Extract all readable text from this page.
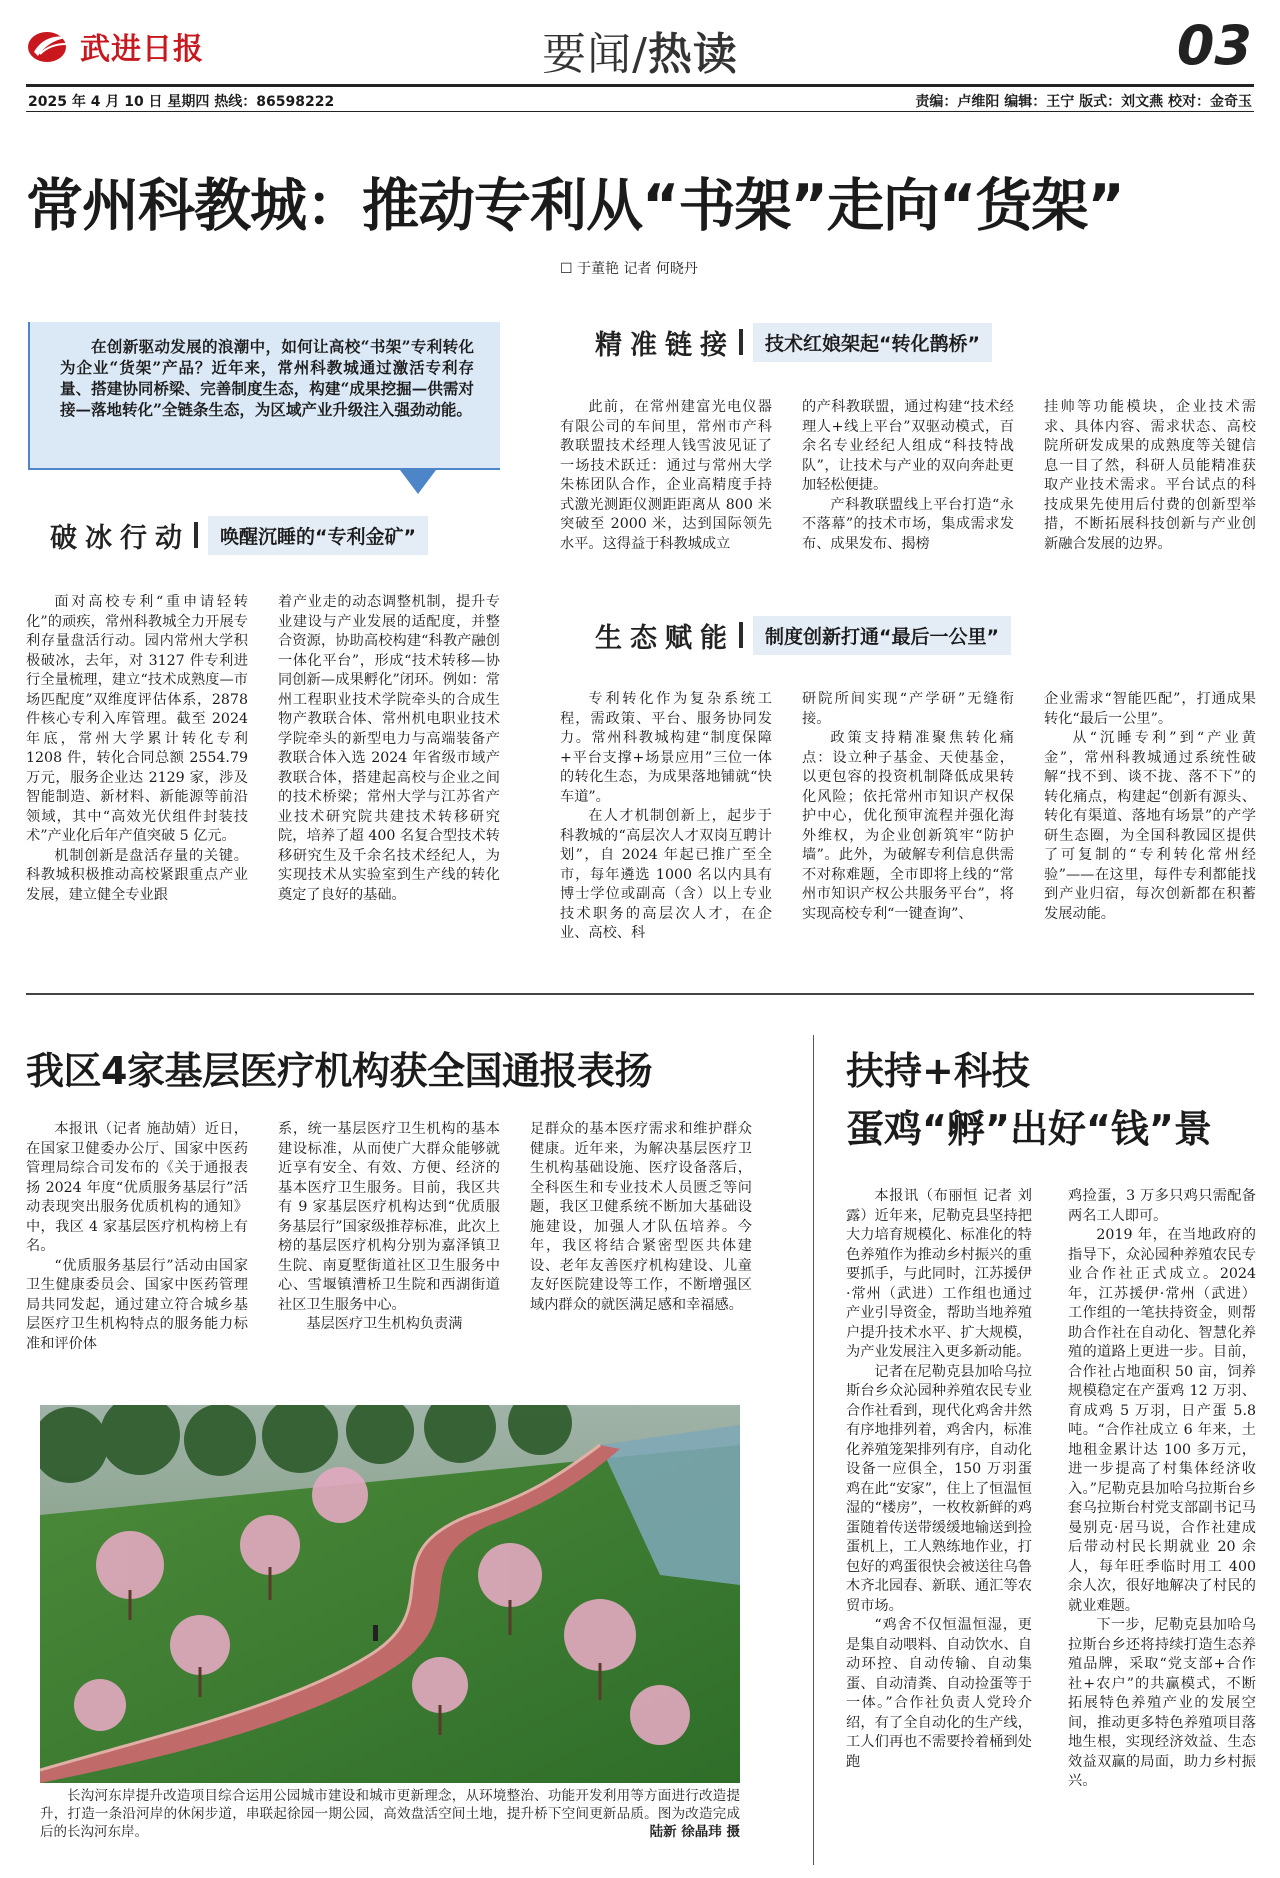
武进日报	要闻/热读	03
2025 年 4 月 10 日 星期四 热线：86598222	责编：卢维阳 编辑：王宁 版式：刘文燕 校对：金奇玉
常州科教城：推动专利从“书架”走向“货架”
☐ 于董艳 记者 何晓丹
在创新驱动发展的浪潮中，如何让高校“书架”专利转化为企业“货架”产品？近年来，常州科教城通过激活专利存量、搭建协同桥梁、完善制度生态，构建“成果挖掘—供需对接—落地转化”全链条生态，为区域产业升级注入强劲动能。
破冰行动	唤醒沉睡的“专利金矿”
精准链接	技术红娘架起“转化鹊桥”
生态赋能	制度创新打通“最后一公里”

面对高校专利“重申请轻转化”的顽疾，常州科教城全力开展专利存量盘活行动。园内常州大学积极破冰，去年，对 3127 件专利进行全量梳理，建立“技术成熟度—市场匹配度”双维度评估体系，2878 件核心专利入库管理。截至 2024 年底，常州大学累计转化专利 1208 件，转化合同总额 2554.79 万元，服务企业达 2129 家，涉及智能制造、新材料、新能源等前沿领域，其中“高效光伏组件封装技术”产业化后年产值突破 5 亿元。

机制创新是盘活存量的关键。科教城积极推动高校紧跟重点产业发展，建立健全专业跟

着产业走的动态调整机制，提升专业建设与产业发展的适配度，并整合资源，协助高校构建“科教产融创一体化平台”，形成“技术转移—协同创新—成果孵化”闭环。例如：常州工程职业技术学院牵头的合成生物产教联合体、常州机电职业技术学院牵头的新型电力与高端装备产教联合体入选 2024 年省级市域产教联合体，搭建起高校与企业之间的技术桥梁；常州大学与江苏省产业技术研究院共建技术转移研究院，培养了超 400 名复合型技术转移研究生及千余名技术经纪人，为实现技术从实验室到生产线的转化奠定了良好的基础。

此前，在常州建富光电仪器有限公司的车间里，常州市产科教联盟技术经理人钱雪波见证了一场技术跃迁：通过与常州大学朱栋团队合作，企业高精度手持式激光测距仪测距距离从 800 米突破至 2000 米，达到国际领先水平。这得益于科教城成立

的产科教联盟，通过构建“技术经理人+线上平台”双驱动模式，百余名专业经纪人组成“科技特战队”，让技术与产业的双向奔赴更加轻松便捷。

产科教联盟线上平台打造“永不落幕”的技术市场，集成需求发布、成果发布、揭榜

挂帅等功能模块，企业技术需求、具体内容、需求状态、高校院所研发成果的成熟度等关键信息一目了然，科研人员能精准获取产业技术需求。平台试点的科技成果先使用后付费的创新型举措，不断拓展科技创新与产业创新融合发展的边界。

专利转化作为复杂系统工程，需政策、平台、服务协同发力。常州科教城构建“制度保障+平台支撑+场景应用”三位一体的转化生态，为成果落地铺就“快车道”。

在人才机制创新上，起步于科教城的“高层次人才双岗互聘计划”，自 2024 年起已推广至全市，每年遴选 1000 名以内具有博士学位或副高（含）以上专业技术职务的高层次人才，在企业、高校、科

研院所间实现“产学研”无缝衔接。

政策支持精准聚焦转化痛点：设立种子基金、天使基金，以更包容的投资机制降低成果转化风险；依托常州市知识产权保护中心，优化预审流程并强化海外维权，为企业创新筑牢“防护墙”。此外，为破解专利信息供需不对称难题，全市即将上线的“常州市知识产权公共服务平台”，将实现高校专利“一键查询”、

企业需求“智能匹配”，打通成果转化“最后一公里”。

从“沉睡专利”到“产业黄金”，常州科教城通过系统性破解“找不到、谈不拢、落不下”的转化痛点，构建起“创新有源头、转化有渠道、落地有场景”的产学研生态圈，为全国科教园区提供了可复制的“专利转化常州经验”——在这里，每件专利都能找到产业归宿，每次创新都在积蓄发展动能。

我区4家基层医疗机构获全国通报表扬

本报讯（记者 施劼婧）近日，在国家卫健委办公厅、国家中医药管理局综合司发布的《关于通报表扬 2024 年度“优质服务基层行”活动表现突出服务优质机构的通知》中，我区 4 家基层医疗机构榜上有名。

“优质服务基层行”活动由国家卫生健康委员会、国家中医药管理局共同发起，通过建立符合城乡基层医疗卫生机构特点的服务能力标准和评价体

系，统一基层医疗卫生机构的基本建设标准，从而使广大群众能够就近享有安全、有效、方便、经济的基本医疗卫生服务。目前，我区共有 9 家基层医疗机构达到“优质服务基层行”国家级推荐标准，此次上榜的基层医疗机构分别为嘉泽镇卫生院、南夏墅街道社区卫生服务中心、雪堰镇漕桥卫生院和西湖街道社区卫生服务中心。

基层医疗卫生机构负责满

足群众的基本医疗需求和维护群众健康。近年来，为解决基层医疗卫生机构基础设施、医疗设备落后，全科医生和专业技术人员匮乏等问题，我区卫健系统不断加大基础设施建设，加强人才队伍培养。今年，我区将结合紧密型医共体建设、老年友善医疗机构建设、儿童友好医院建设等工作，不断增强区域内群众的就医满足感和幸福感。

长沟河东岸提升改造项目综合运用公园城市建设和城市更新理念，从环境整治、功能开发利用等方面进行改造提升，打造一条沿河岸的休闲步道，串联起徐园一期公园，高效盘活空间土地，提升桥下空间更新品质。图为改造完成后的长沟河东岸。	陆新 徐晶玮 摄

扶持+科技
蛋鸡“孵”出好“钱”景

本报讯（布丽恒 记者 刘露）近年来，尼勒克县坚持把大力培育规模化、标准化的特色养殖作为推动乡村振兴的重要抓手，与此同时，江苏援伊·常州（武进）工作组也通过产业引导资金，帮助当地养殖户提升技术水平、扩大规模，为产业发展注入更多新动能。

记者在尼勒克县加哈乌拉斯台乡众沁园种养殖农民专业合作社看到，现代化鸡舍井然有序地排列着，鸡舍内，标准化养殖笼架排列有序，自动化设备一应俱全，150 万羽蛋鸡在此“安家”，住上了恒温恒湿的“楼房”，一枚枚新鲜的鸡蛋随着传送带缓缓地输送到捡蛋机上，工人熟练地作业，打包好的鸡蛋很快会被送往乌鲁木齐北园春、新联、通汇等农贸市场。

“鸡舍不仅恒温恒湿，更是集自动喂料、自动饮水、自动环控、自动传输、自动集蛋、自动清粪、自动捡蛋等于一体。”合作社负责人党玲介绍，有了全自动化的生产线，工人们再也不需要拎着桶到处跑

鸡捡蛋，3 万多只鸡只需配备两名工人即可。

2019 年，在当地政府的指导下，众沁园种养殖农民专业合作社正式成立。2024 年，江苏援伊·常州（武进）工作组的一笔扶持资金，则帮助合作社在自动化、智慧化养殖的道路上更进一步。目前，合作社占地面积 50 亩，饲养规模稳定在产蛋鸡 12 万羽、育成鸡 5 万羽，日产蛋 5.8 吨。“合作社成立 6 年来，土地租金累计达 100 多万元，进一步提高了村集体经济收入。”尼勒克县加哈乌拉斯台乡套乌拉斯台村党支部副书记马曼别克·居马说，合作社建成后带动村民长期就业 20 余人，每年旺季临时用工 400 余人次，很好地解决了村民的就业难题。

下一步，尼勒克县加哈乌拉斯台乡还将持续打造生态养殖品牌，采取“党支部+合作社+农户”的共赢模式，不断拓展特色养殖产业的发展空间，推动更多特色养殖项目落地生根，实现经济效益、生态效益双赢的局面，助力乡村振兴。
